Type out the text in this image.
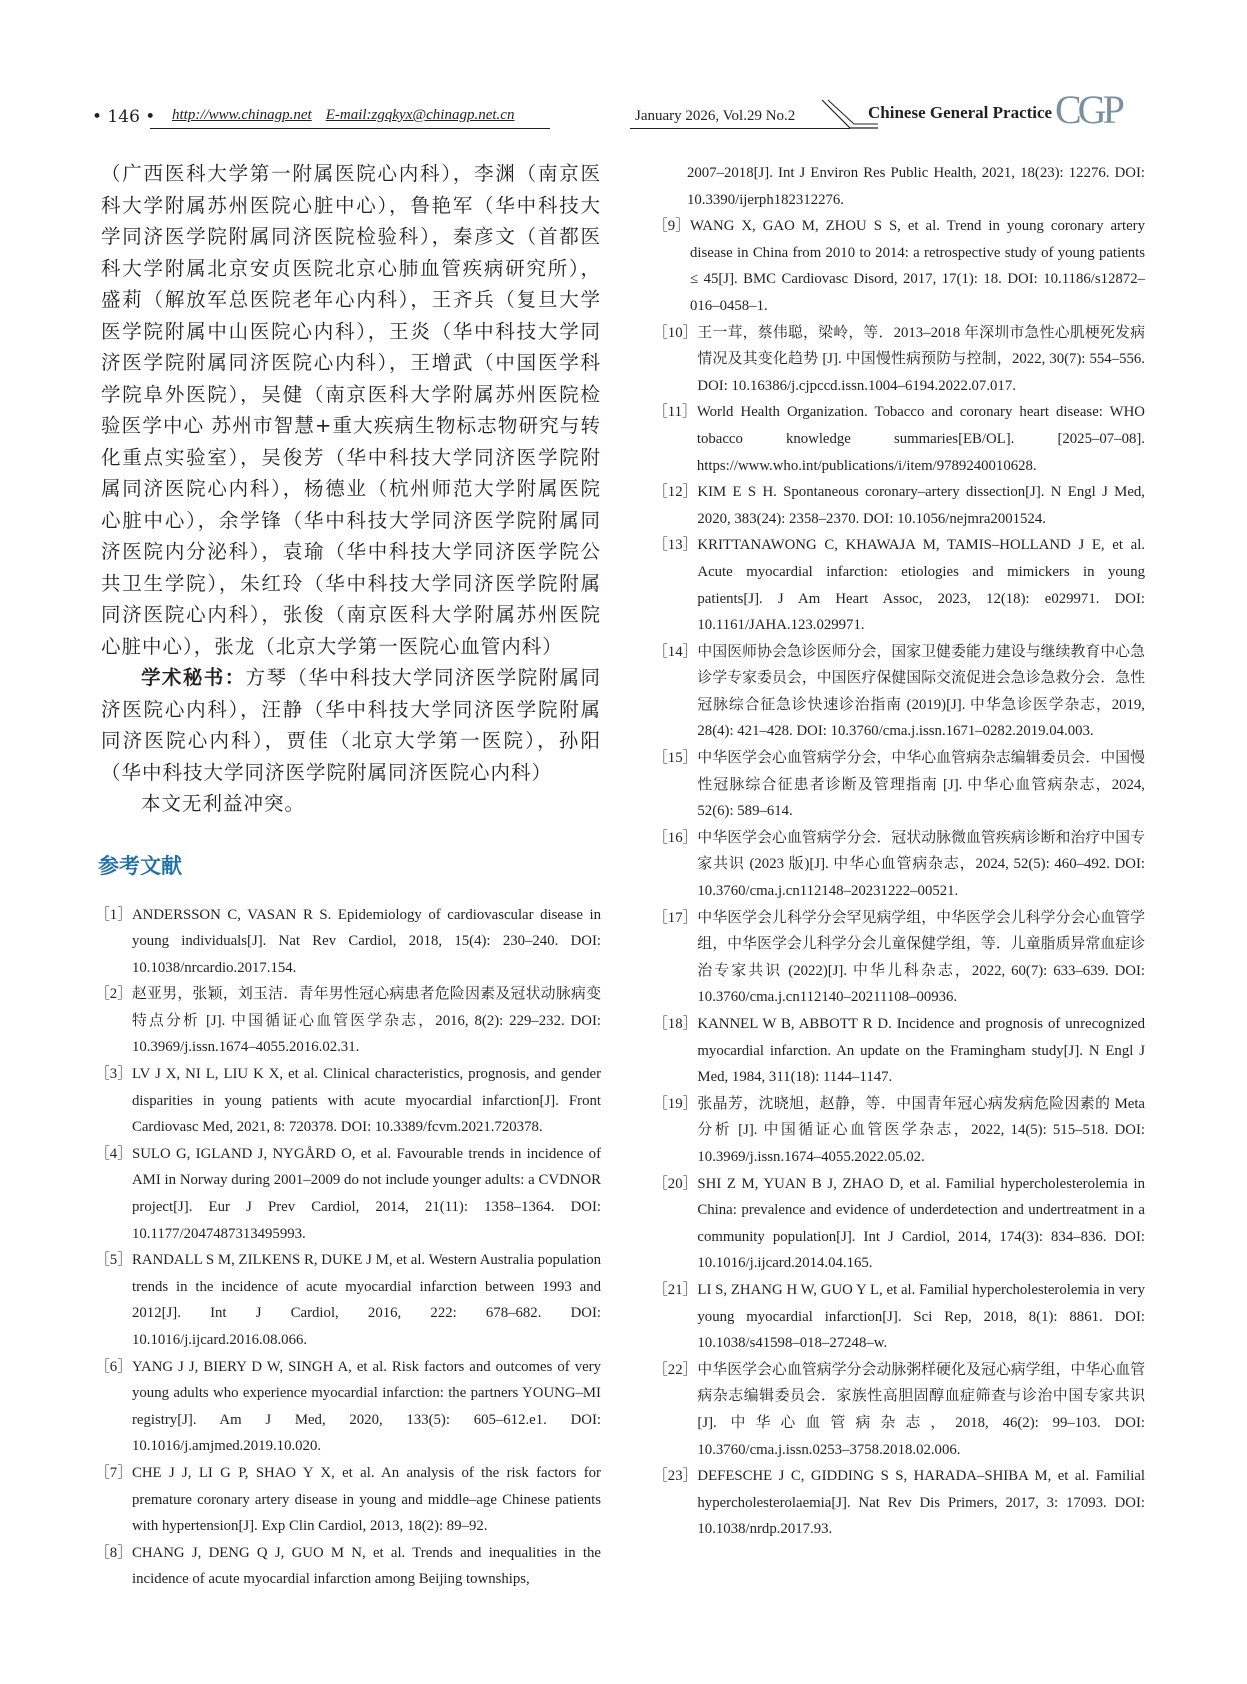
• 146 • http://www.chinagp.net E-mail:zgqkyx@chinagp.net.cn	January 2026, Vol.29 No.2	Chinese General Practice CGP

（广西医科大学第一附属医院心内科），李渊（南京医科大学附属苏州医院心脏中心），鲁艳军（华中科技大学同济医学院附属同济医院检验科），秦彦文（首都医科大学附属北京安贞医院北京心肺血管疾病研究所），盛莉（解放军总医院老年心内科），王齐兵（复旦大学医学院附属中山医院心内科），王炎（华中科技大学同济医学院附属同济医院心内科），王增武（中国医学科学院阜外医院），吴健（南京医科大学附属苏州医院检验医学中心 苏州市智慧+重大疾病生物标志物研究与转化重点实验室），吴俊芳（华中科技大学同济医学院附属同济医院心内科），杨德业（杭州师范大学附属医院心脏中心），余学锋（华中科技大学同济医学院附属同济医院内分泌科），袁瑜（华中科技大学同济医学院公共卫生学院），朱红玲（华中科技大学同济医学院附属同济医院心内科），张俊（南京医科大学附属苏州医院心脏中心），张龙（北京大学第一医院心血管内科）

学术秘书：方琴（华中科技大学同济医学院附属同济医院心内科），汪静（华中科技大学同济医学院附属同济医院心内科），贾佳（北京大学第一医院），孙阳（华中科技大学同济医学院附属同济医院心内科）

本文无利益冲突。

参考文献
［1］ ANDERSSON C, VASAN R S. Epidemiology of cardiovascular disease in young individuals[J]. Nat Rev Cardiol, 2018, 15(4): 230–240. DOI: 10.1038/nrcardio.2017.154.
［2］ 赵亚男，张颖，刘玉洁．青年男性冠心病患者危险因素及冠状动脉病变特点分析 [J]. 中国循证心血管医学杂志，2016, 8(2): 229–232. DOI: 10.3969/j.issn.1674–4055.2016.02.31.
［3］ LV J X, NI L, LIU K X, et al. Clinical characteristics, prognosis, and gender disparities in young patients with acute myocardial infarction[J]. Front Cardiovasc Med, 2021, 8: 720378. DOI: 10.3389/fcvm.2021.720378.
［4］ SULO G, IGLAND J, NYGÅRD O, et al. Favourable trends in incidence of AMI in Norway during 2001–2009 do not include younger adults: a CVDNOR project[J]. Eur J Prev Cardiol, 2014, 21(11): 1358–1364. DOI: 10.1177/2047487313495993.
［5］ RANDALL S M, ZILKENS R, DUKE J M, et al. Western Australia population trends in the incidence of acute myocardial infarction between 1993 and 2012[J]. Int J Cardiol, 2016, 222: 678–682. DOI: 10.1016/j.ijcard.2016.08.066.
［6］ YANG J J, BIERY D W, SINGH A, et al. Risk factors and outcomes of very young adults who experience myocardial infarction: the partners YOUNG–MI registry[J]. Am J Med, 2020, 133(5): 605–612.e1. DOI: 10.1016/j.amjmed.2019.10.020.
［7］ CHE J J, LI G P, SHAO Y X, et al. An analysis of the risk factors for premature coronary artery disease in young and middle–age Chinese patients with hypertension[J]. Exp Clin Cardiol, 2013, 18(2): 89–92.
［8］ CHANG J, DENG Q J, GUO M N, et al. Trends and inequalities in the incidence of acute myocardial infarction among Beijing townships,
2007–2018[J]. Int J Environ Res Public Health, 2021, 18(23): 12276. DOI: 10.3390/ijerph182312276.
［9］ WANG X, GAO M, ZHOU S S, et al. Trend in young coronary artery disease in China from 2010 to 2014: a retrospective study of young patients ≤ 45[J]. BMC Cardiovasc Disord, 2017, 17(1): 18. DOI: 10.1186/s12872–016–0458–1.
［10］ 王一茸，蔡伟聪，梁岭，等．2013–2018 年深圳市急性心肌梗死发病情况及其变化趋势 [J]. 中国慢性病预防与控制，2022, 30(7): 554–556. DOI: 10.16386/j.cjpccd.issn.1004–6194.2022.07.017.
［11］ World Health Organization. Tobacco and coronary heart disease: WHO tobacco knowledge summaries[EB/OL]. [2025–07–08]. https://www.who.int/publications/i/item/9789240010628.
［12］ KIM E S H. Spontaneous coronary–artery dissection[J]. N Engl J Med, 2020, 383(24): 2358–2370. DOI: 10.1056/nejmra2001524.
［13］ KRITTANAWONG C, KHAWAJA M, TAMIS–HOLLAND J E, et al. Acute myocardial infarction: etiologies and mimickers in young patients[J]. J Am Heart Assoc, 2023, 12(18): e029971. DOI: 10.1161/JAHA.123.029971.
［14］ 中国医师协会急诊医师分会，国家卫健委能力建设与继续教育中心急诊学专家委员会，中国医疗保健国际交流促进会急诊急救分会．急性冠脉综合征急诊快速诊治指南 (2019)[J]. 中华急诊医学杂志，2019, 28(4): 421–428. DOI: 10.3760/cma.j.issn.1671–0282.2019.04.003.
［15］ 中华医学会心血管病学分会，中华心血管病杂志编辑委员会．中国慢性冠脉综合征患者诊断及管理指南 [J]. 中华心血管病杂志，2024, 52(6): 589–614.
［16］ 中华医学会心血管病学分会．冠状动脉微血管疾病诊断和治疗中国专家共识 (2023 版)[J]. 中华心血管病杂志，2024, 52(5): 460–492. DOI: 10.3760/cma.j.cn112148–20231222–00521.
［17］ 中华医学会儿科学分会罕见病学组，中华医学会儿科学分会心血管学组，中华医学会儿科学分会儿童保健学组，等．儿童脂质异常血症诊治专家共识 (2022)[J]. 中华儿科杂志，2022, 60(7): 633–639. DOI: 10.3760/cma.j.cn112140–20211108–00936.
［18］ KANNEL W B, ABBOTT R D. Incidence and prognosis of unrecognized myocardial infarction. An update on the Framingham study[J]. N Engl J Med, 1984, 311(18): 1144–1147.
［19］ 张晶芳，沈晓旭，赵静，等．中国青年冠心病发病危险因素的 Meta 分析 [J]. 中国循证心血管医学杂志，2022, 14(5): 515–518. DOI: 10.3969/j.issn.1674–4055.2022.05.02.
［20］ SHI Z M, YUAN B J, ZHAO D, et al. Familial hypercholesterolemia in China: prevalence and evidence of underdetection and undertreatment in a community population[J]. Int J Cardiol, 2014, 174(3): 834–836. DOI: 10.1016/j.ijcard.2014.04.165.
［21］ LI S, ZHANG H W, GUO Y L, et al. Familial hypercholesterolemia in very young myocardial infarction[J]. Sci Rep, 2018, 8(1): 8861. DOI: 10.1038/s41598–018–27248–w.
［22］ 中华医学会心血管病学分会动脉粥样硬化及冠心病学组，中华心血管病杂志编辑委员会．家族性高胆固醇血症筛查与诊治中国专家共识 [J]. 中华心血管病杂志，2018, 46(2): 99–103. DOI: 10.3760/cma.j.issn.0253–3758.2018.02.006.
［23］ DEFESCHE J C, GIDDING S S, HARADA–SHIBA M, et al. Familial hypercholesterolaemia[J]. Nat Rev Dis Primers, 2017, 3: 17093. DOI: 10.1038/nrdp.2017.93.
